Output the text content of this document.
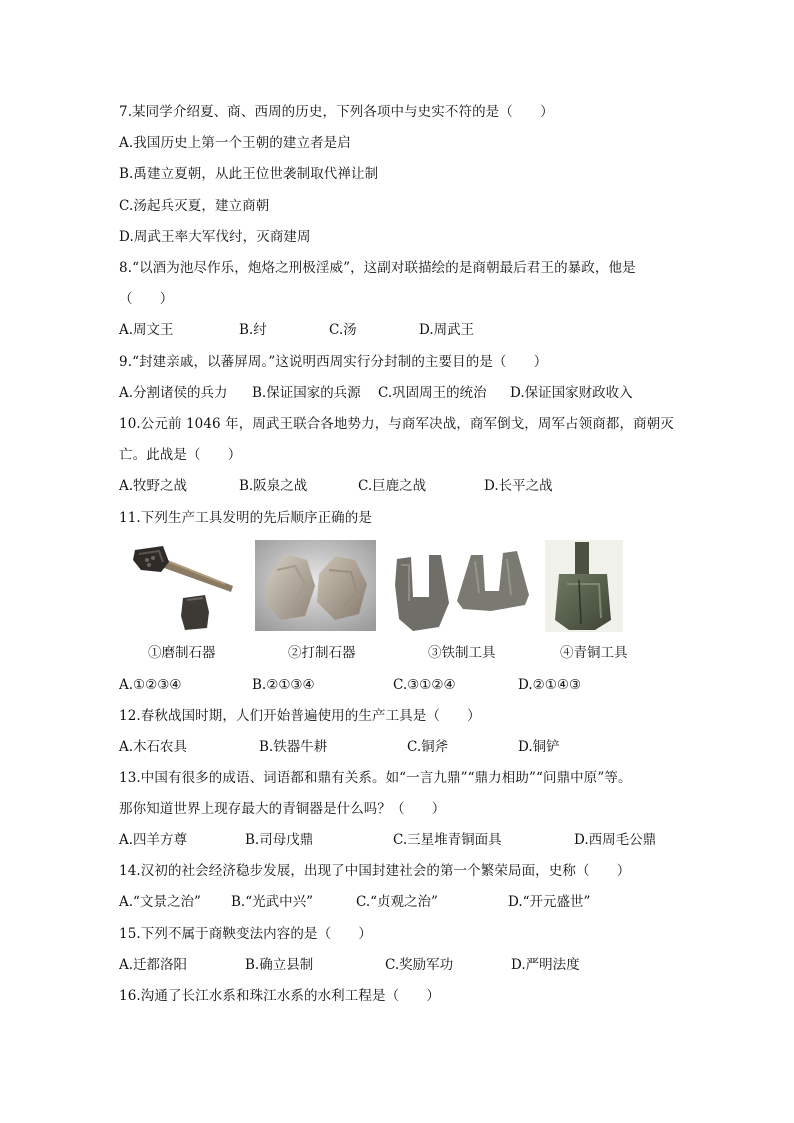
7.某同学介绍夏、商、西周的历史，下列各项中与史实不符的是（　　）
A.我国历史上第一个王朝的建立者是启
B.禹建立夏朝，从此王位世袭制取代禅让制
C.汤起兵灭夏，建立商朝
D.周武王率大军伐纣，灭商建周
8.“以酒为池尽作乐，炮烙之刑极淫威”，这副对联描绘的是商朝最后君王的暴政，他是
（　　）
A.周文王	B.纣	C.汤	D.周武王
9.“封建亲戚，以蕃屏周。”这说明西周实行分封制的主要目的是（　　）
A.分割诸侯的兵力 B.保证国家的兵源 C.巩固周王的统治 D.保证国家财政收入
10.公元前 1046 年，周武王联合各地势力，与商军决战，商军倒戈，周军占领商都，商朝灭
亡。此战是（　　）
A.牧野之战	B.阪泉之战	C.巨鹿之战	D.长平之战
11.下列生产工具发明的先后顺序正确的是
①磨制石器	②打制石器	③铁制工具	④青铜工具
A.①②③④	B.②①③④	C.③①②④	D.②①④③
12.春秋战国时期，人们开始普遍使用的生产工具是（　　）
A.木石农具	B.铁器牛耕	C.铜斧	D.铜铲
13.中国有很多的成语、词语都和鼎有关系。如“一言九鼎”“鼎力相助”“问鼎中原”等。
那你知道世界上现存最大的青铜器是什么吗？（　　）
A.四羊方尊	B.司母戊鼎	C.三星堆青铜面具	D.西周毛公鼎
14.汉初的社会经济稳步发展，出现了中国封建社会的第一个繁荣局面，史称（　　）
A.“文景之治” B.“光武中兴”	C.“贞观之治”	D.“开元盛世”
15.下列不属于商鞅变法内容的是（　　）
A.迁都洛阳	B.确立县制	C.奖励军功	D.严明法度
16.沟通了长江水系和珠江水系的水利工程是（　　）
